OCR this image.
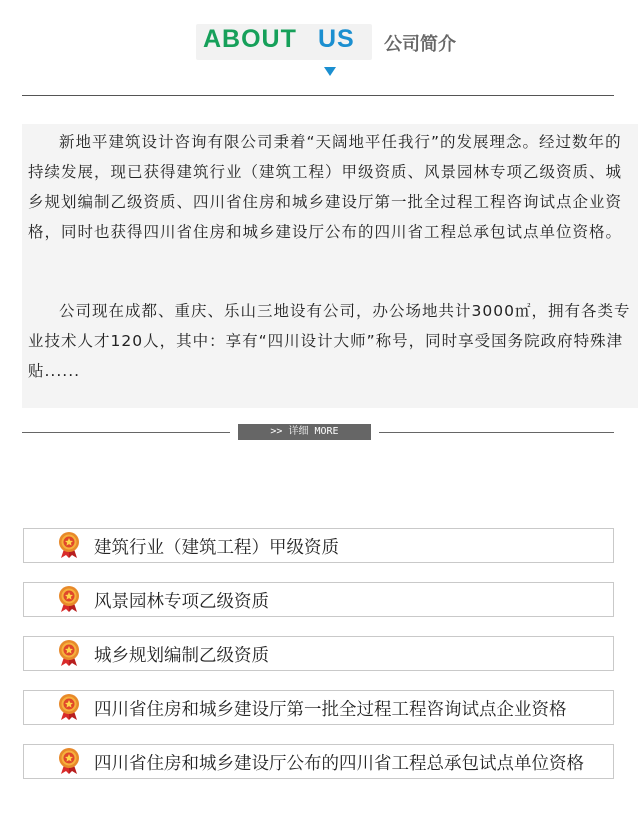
ABOUT US 公司简介

新地平建筑设计咨询有限公司秉着“天阔地平任我行”的发展理念。经过数年的持续发展，现已获得建筑行业（建筑工程）甲级资质、风景园林专项乙级资质、城乡规划编制乙级资质、四川省住房和城乡建设厅第一批全过程工程咨询试点企业资格，同时也获得四川省住房和城乡建设厅公布的四川省工程总承包试点单位资格。

公司现在成都、重庆、乐山三地设有公司，办公场地共计3000㎡，拥有各类专业技术人才120人，其中：享有“四川设计大师”称号，同时享受国务院政府特殊津贴......

>> 详细 MORE
建筑行业（建筑工程）甲级资质
风景园林专项乙级资质
城乡规划编制乙级资质
四川省住房和城乡建设厅第一批全过程工程咨询试点企业资格
四川省住房和城乡建设厅公布的四川省工程总承包试点单位资格
